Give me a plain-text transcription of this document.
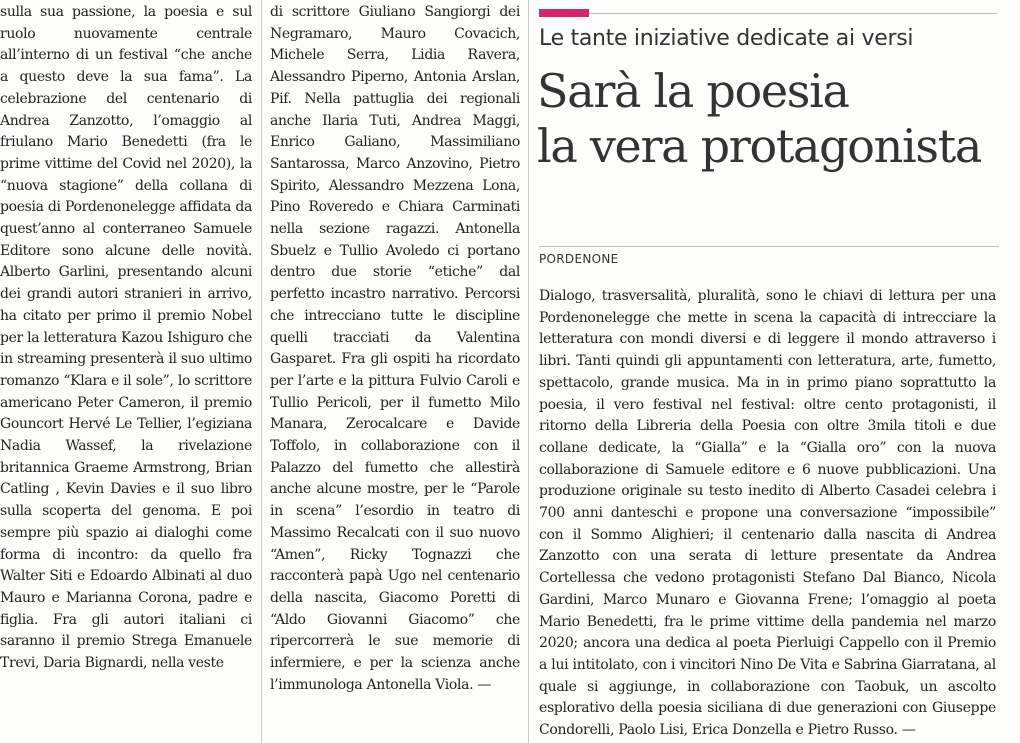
sulla sua passione, la poesia e sul ruolo nuovamente centrale all’interno di un festival “che anche a questo deve la sua fama”. La celebrazione del centenario di Andrea Zanzotto, l’omaggio al friulano Mario Benedetti (fra le prime vittime del Covid nel 2020), la “nuova stagione” della collana di poesia di Pordenonelegge affidata da quest’anno al conterraneo Samuele Editore sono alcune delle novità. Alberto Garlini, presentando alcuni dei grandi autori stranieri in arrivo, ha citato per primo il premio Nobel per la letteratura Kazou Ishiguro che in streaming presenterà il suo ultimo romanzo “Klara e il sole”, lo scrittore americano Peter Cameron, il premio Gouncort Hervé Le Tellier, l’egiziana Nadia Wassef, la rivelazione britannica Graeme Armstrong, Brian Catling , Kevin Davies e il suo libro sulla scoperta del genoma. E poi sempre più spazio ai dialoghi come forma di incontro: da quello fra Walter Siti e Edoardo Albinati al duo Mauro e Marianna Corona, padre e figlia. Fra gli autori italiani ci saranno il premio Strega Emanuele Trevi, Daria Bignardi, nella veste
di scrittore Giuliano Sangiorgi dei Negramaro, Mauro Covacich, Michele Serra, Lidia Ravera, Alessandro Piperno, Antonia Arslan, Pif. Nella pattuglia dei regionali anche Ilaria Tuti, Andrea Maggi, Enrico Galiano, Massimiliano Santarossa, Marco Anzovino, Pietro Spirito, Alessandro Mezzena Lona, Pino Roveredo e Chiara Carminati nella sezione ragazzi. Antonella Sbuelz e Tullio Avoledo ci portano dentro due storie “etiche” dal perfetto incastro narrativo. Percorsi che intrecciano tutte le discipline quelli tracciati da Valentina Gasparet. Fra gli ospiti ha ricordato per l’arte e la pittura Fulvio Caroli e Tullio Pericoli, per il fumetto Milo Manara, Zerocalcare e Davide Toffolo, in collaborazione con il Palazzo del fumetto che allestirà anche alcune mostre, per le “Parole in scena” l’esordio in teatro di Massimo Recalcati con il suo nuovo “Amen”, Ricky Tognazzi che racconterà papà Ugo nel centenario della nascita, Giacomo Poretti di “Aldo Giovanni Giacomo” che ripercorrerà le sue memorie di infermiere, e per la scienza anche l’immunologa Antonella Viola. —
Le tante iniziative dedicate ai versi
Sarà la poesia
la vera protagonista
PORDENONE
Dialogo, trasversalità, pluralità, sono le chiavi di lettura per una Pordenonelegge che mette in scena la capacità di intrecciare la letteratura con mondi diversi e di leggere il mondo attraverso i libri. Tanti quindi gli appuntamenti con letteratura, arte, fumetto, spettacolo, grande musica. Ma in in primo piano soprattutto la poesia, il vero festival nel festival: oltre cento protagonisti, il ritorno della Libreria della Poesia con oltre 3mila titoli e due collane dedicate, la “Gialla” e la “Gialla oro” con la nuova collaborazione di Samuele editore e 6 nuove pubblicazioni. Una produzione originale su testo inedito di Alberto Casadei celebra i 700 anni danteschi e propone una conversazione “impossibile” con il Sommo Alighieri; il centenario dalla nascita di Andrea Zanzotto con una serata di letture presentate da Andrea Cortellessa che vedono protagonisti Stefano Dal Bianco, Nicola Gardini, Marco Munaro e Giovanna Frene; l’omaggio al poeta Mario Benedetti, fra le prime vittime della pandemia nel marzo 2020; ancora una dedica al poeta Pierluigi Cappello con il Premio a lui intitolato, con i vincitori Nino De Vita e Sabrina Giarratana, al quale si aggiunge, in collaborazione con Taobuk, un ascolto esplorativo della poesia siciliana di due generazioni con Giuseppe Condorelli, Paolo Lisi, Erica Donzella e Pietro Russo. —
